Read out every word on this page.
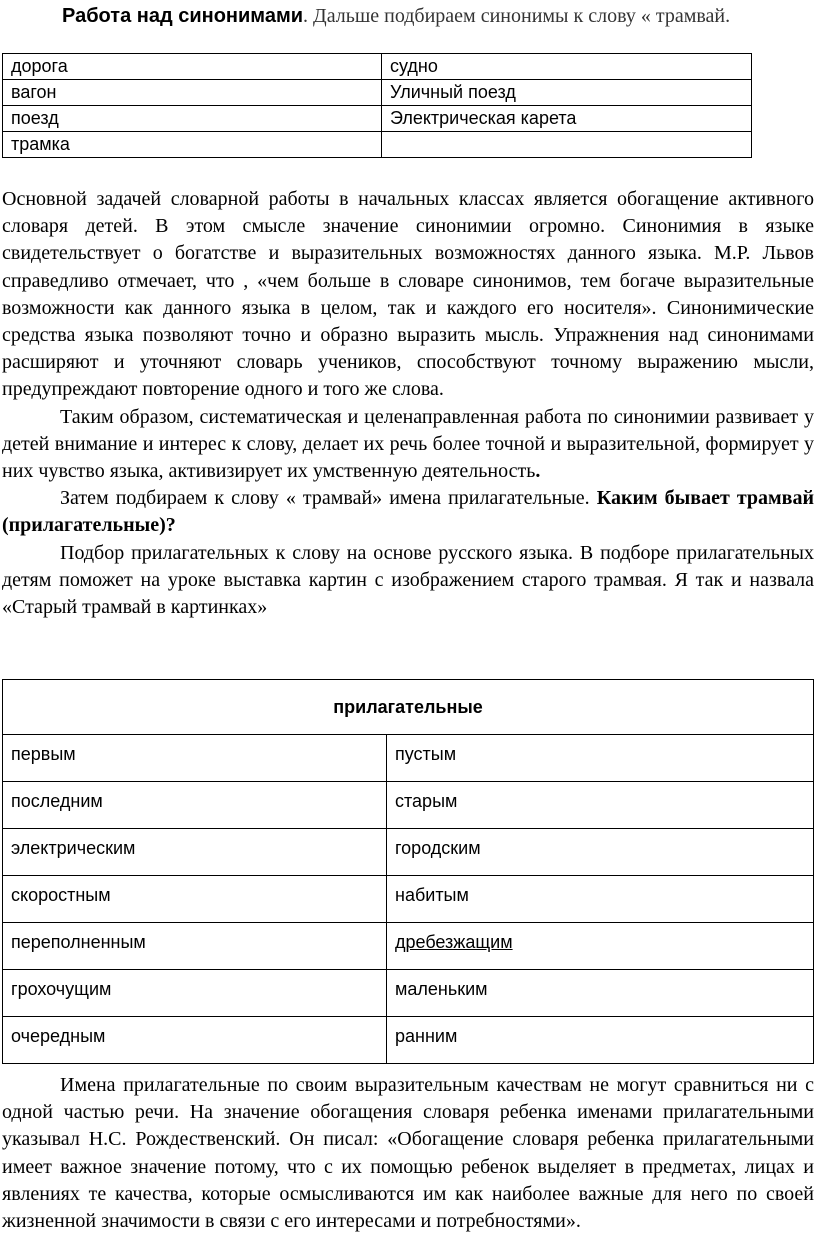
Работа над синонимами. Дальше подбираем синонимы к слову « трамвай.
дорога	судно
вагон	Уличный поезд
поезд	Электрическая карета
трамка	

Основной задачей словарной работы в начальных классах является обогащение активного словаря детей. В этом смысле значение синонимии огромно. Синонимия в языке свидетельствует о богатстве и выразительных возможностях данного языка. М.Р. Львов справедливо отмечает, что , «чем больше в словаре синонимов, тем богаче выразительные возможности как данного языка в целом, так и каждого его носителя». Синонимические средства языка позволяют точно и образно выразить мысль. Упражнения над синонимами расширяют и уточняют словарь учеников, способствуют точному выражению мысли, предупреждают повторение одного и того же слова.

Таким образом, систематическая и целенаправленная работа по синонимии развивает у детей внимание и интерес к слову, делает их речь более точной и выразительной, формирует у них чувство языка, активизирует их умственную деятельность.

Затем подбираем к слову « трамвай» имена прилагательные. Каким бывает трамвай (прилагательные)?

Подбор прилагательных к слову на основе русского языка. В подборе прилагательных детям поможет на уроке выставка картин с изображением старого трамвая. Я так и назвала «Старый трамвай в картинках»

прилагательные	
первым	пустым
последним	старым
электрическим	городским
скоростным	набитым
переполненным	дребезжащим
грохочущим	маленьким
очередным	ранним

Имена прилагательные по своим выразительным качествам не могут сравниться ни с одной частью речи. На значение обогащения словаря ребенка именами прилагательными указывал Н.С. Рождественский. Он писал: «Обогащение словаря ребенка прилагательными имеет важное значение потому, что с их помощью ребенок выделяет в предметах, лицах и явлениях те качества, которые осмысливаются им как наиболее важные для него по своей жизненной значимости в связи с его интересами и потребностями».
